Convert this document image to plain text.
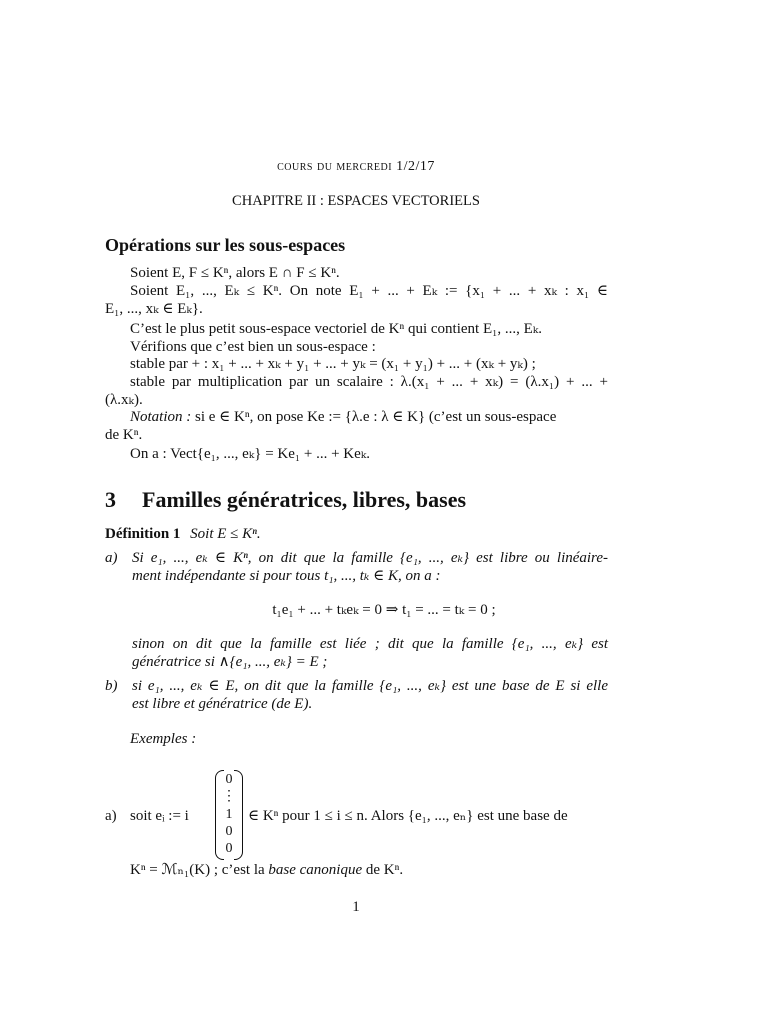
cours du mercredi 1/2/17
CHAPITRE II : ESPACES VECTORIELS
Opérations sur les sous-espaces
Soient E, F ≤ Kⁿ, alors E ∩ F ≤ Kⁿ.
Soient E₁, ..., Eₖ ≤ Kⁿ. On note E₁ + ... + Eₖ := {x₁ + ... + xₖ : x₁ ∈
E₁, ..., xₖ ∈ Eₖ}.
C’est le plus petit sous-espace vectoriel de Kⁿ qui contient E₁, ..., Eₖ.
Vérifions que c’est bien un sous-espace :
stable par + : x₁ + ... + xₖ + y₁ + ... + yₖ = (x₁ + y₁) + ... + (xₖ + yₖ) ;
stable par multiplication par un scalaire : λ.(x₁ + ... + xₖ) = (λ.x₁) + ... +
(λ.xₖ).
Notation : si e ∈ Kⁿ, on pose Ke := {λ.e : λ ∈ K} (c’est un sous-espace
de Kⁿ.
On a : Vect{e₁, ..., eₖ} = Ke₁ + ... + Keₖ.
3 Familles génératrices, libres, bases
Définition 1 Soit E ≤ Kⁿ.
a) Si e₁, ..., eₖ ∈ Kⁿ, on dit que la famille {e₁, ..., eₖ} est libre ou linéaire-
ment indépendante si pour tous t₁, ..., tₖ ∈ K, on a :
t₁e₁ + ... + tₖeₖ = 0 ⇒ t₁ = ... = tₖ = 0 ;
sinon on dit que la famille est liée ; dit que la famille {e₁, ..., eₖ} est
génératrice si ∧{e₁, ..., eₖ} = E ;
b) si e₁, ..., eₖ ∈ E, on dit que la famille {e₁, ..., eₖ} est une base de E si elle
est libre et génératrice (de E).
Exemples :
a) soit eᵢ := i
0
⋮
1
0
0
∈ Kⁿ pour 1 ≤ i ≤ n. Alors {e₁, ..., eₙ} est une base de
Kⁿ = ℳₙ₁(K) ; c’est la base canonique de Kⁿ.
1
